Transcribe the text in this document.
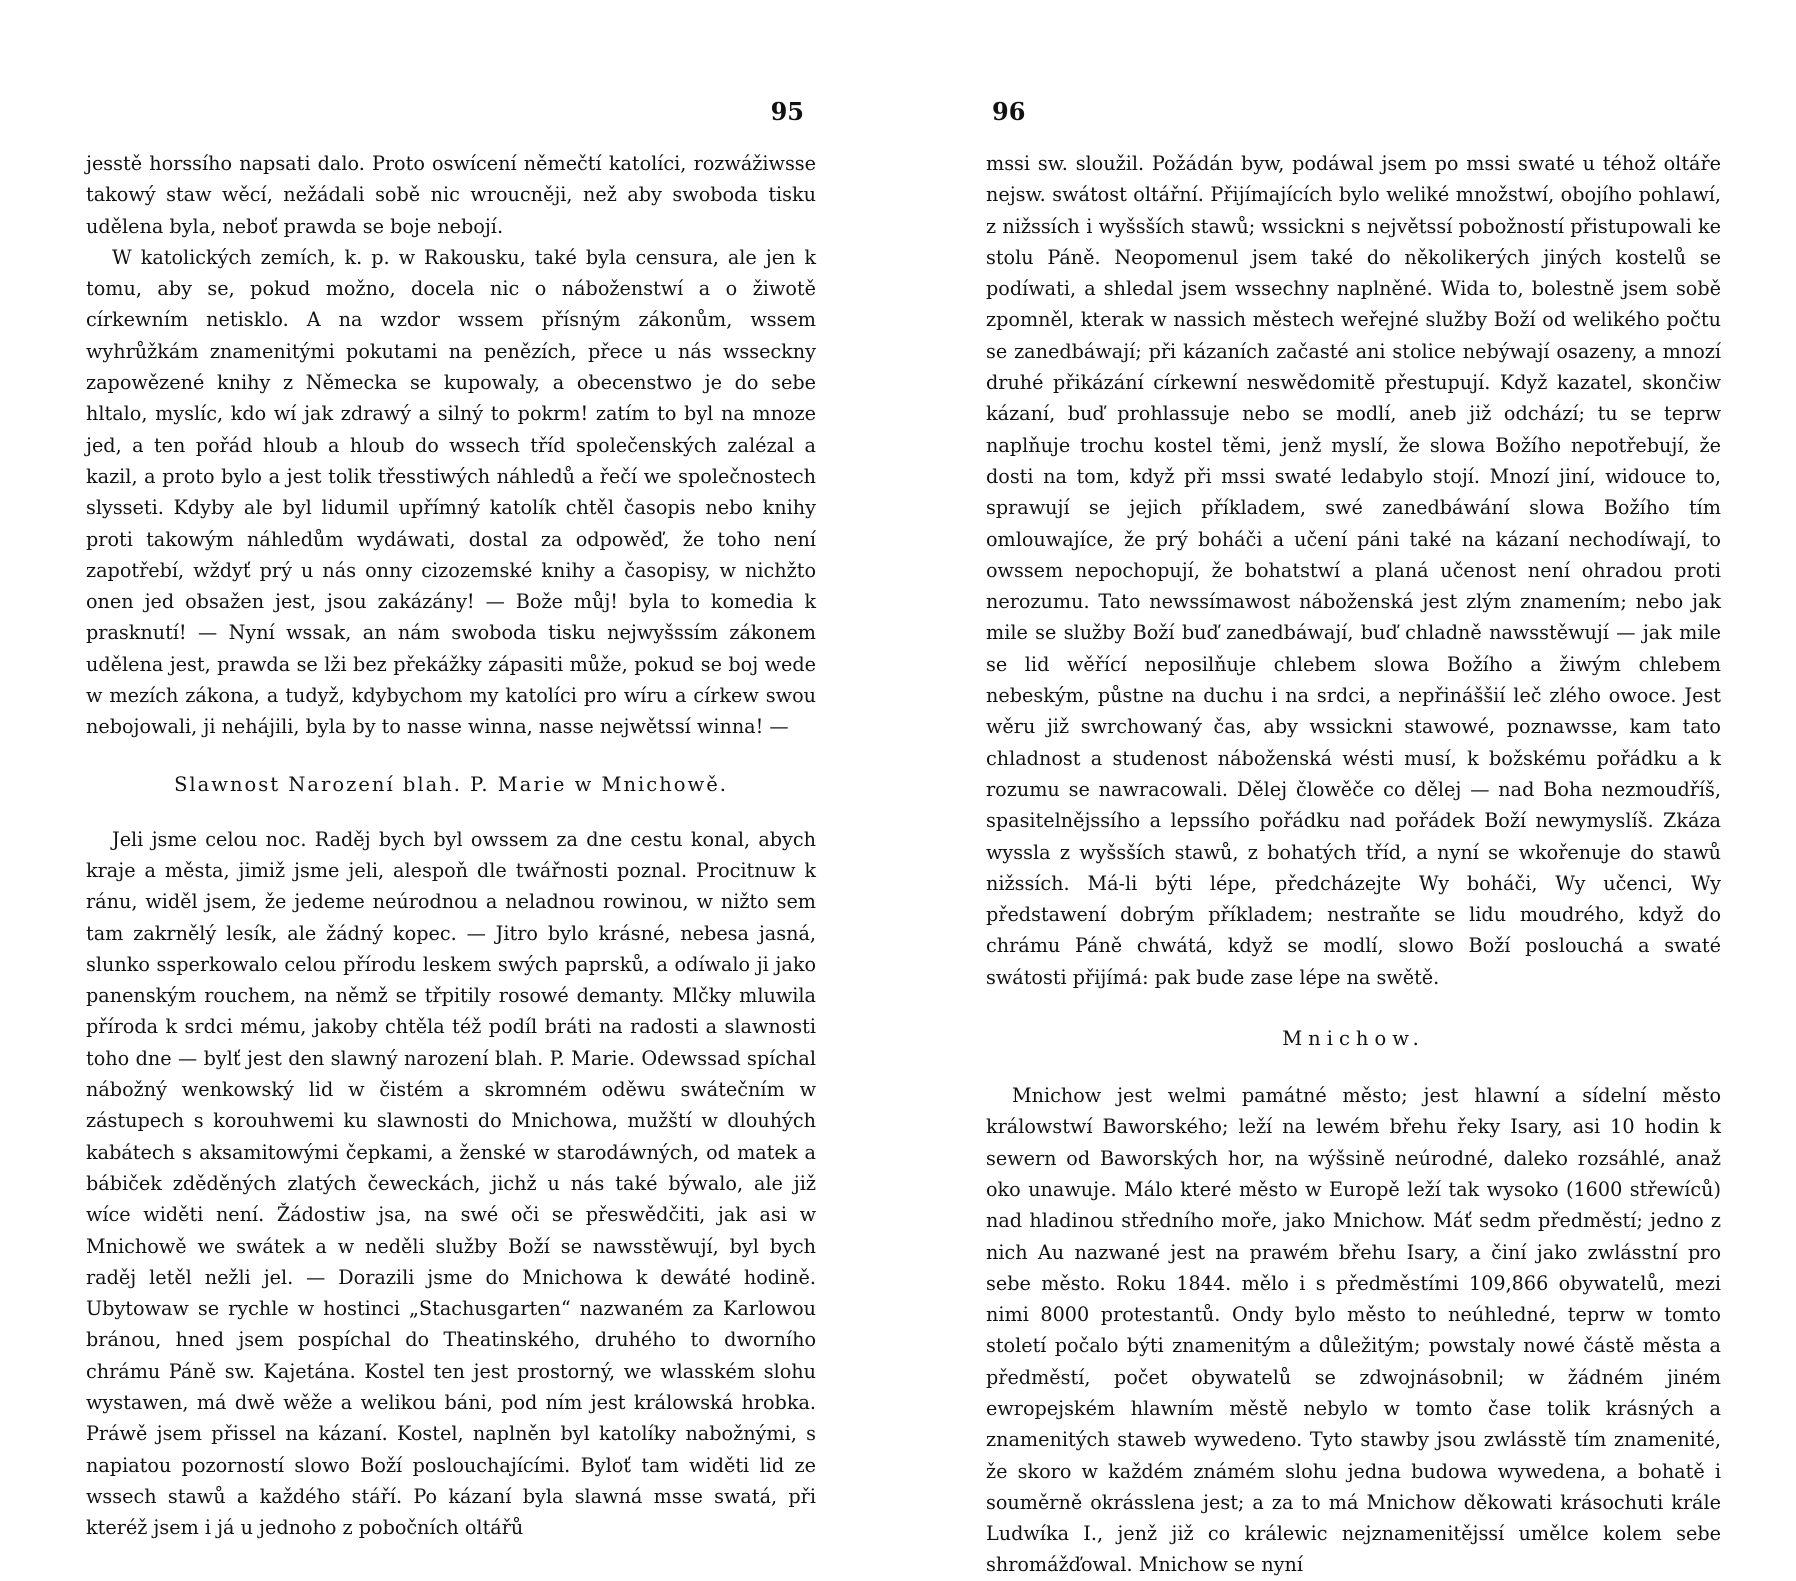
95

jesstě horssího napsati dalo. Proto oswícení němečtí katolíci, rozwážiwsse takowý staw wěcí, nežádali sobě nic wroucněji, než aby swoboda tisku udělena byla, neboť prawda se boje nebojí.

W katolických zemích, k. p. w Rakousku, také byla censura, ale jen k tomu, aby se, pokud možno, docela nic o náboženstwí a o žiwotě církewním netisklo. A na wzdor wssem přísným zákonům, wssem wyhrůžkám znamenitými pokutami na penězích, přece u nás wsseckny zapowězené knihy z Německa se kupowaly, a obecenstwo je do sebe hltalo, myslíc, kdo wí jak zdrawý a silný to pokrm! zatím to byl na mnoze jed, a ten pořád hloub a hloub do wssech tříd společenských zalézal a kazil, a proto bylo a jest tolik třesstiwých náhledů a řečí we společnostech slysseti. Kdyby ale byl lidumil upřímný katolík chtěl časopis nebo knihy proti takowým náhledům wydáwati, dostal za odpowěď, že toho není zapotřebí, wždyť prý u nás onny cizozemské knihy a časopisy, w nichžto onen jed obsažen jest, jsou zakázány! — Bože můj! byla to komedia k prasknutí! — Nyní wssak, an nám swoboda tisku nejwyšssím zákonem udělena jest, prawda se lži bez překážky zápasiti může, pokud se boj wede w mezích zákona, a tudyž, kdybychom my katolíci pro wíru a církew swou nebojowali, ji nehájili, byla by to nasse winna, nasse nejwětssí winna! —

Slawnost Narození blah. P. Marie w Mnichowě.

Jeli jsme celou noc. Raděj bych byl owssem za dne cestu konal, abych kraje a města, jimiž jsme jeli, alespoň dle twářnosti poznal. Procitnuw k ránu, widěl jsem, že jedeme neúrodnou a neladnou rowinou, w nižto sem tam zakrnělý lesík, ale žádný kopec. — Jitro bylo krásné, nebesa jasná, slunko ssperkowalo celou přírodu leskem swých paprsků, a odíwalo ji jako panenským rouchem, na němž se třpitily rosowé demanty. Mlčky mluwila příroda k srdci mému, jakoby chtěla též podíl bráti na radosti a slawnosti toho dne — bylť jest den slawný narození blah. P. Marie. Odewssad spíchal nábožný wenkowský lid w čistém a skromném oděwu swátečním w zástupech s korouhwemi ku slawnosti do Mnichowa, mužští w dlouhých kabátech s aksamitowými čepkami, a ženské w starodáwných, od matek a bábiček zděděných zlatých čeweckách, jichž u nás také býwalo, ale již wíce widěti není. Žádostiw jsa, na swé oči se přeswědčiti, jak asi w Mnichowě we swátek a w neděli služby Boží se nawsstěwují, byl bych raděj letěl nežli jel. — Dorazili jsme do Mnichowa k dewáté hodině. Ubytowaw se rychle w hostinci „Stachusgarten“ nazwaném za Karlowou bránou, hned jsem pospíchal do Theatinského, druhého to dworního chrámu Páně sw. Kajetána. Kostel ten jest prostorný, we wlasském slohu wystawen, má dwě wěže a welikou báni, pod ním jest králowská hrobka. Práwě jsem přissel na kázaní. Kostel, naplněn byl katolíky nabožnými, s napiatou pozorností slowo Boží poslouchajícími. Byloť tam widěti lid ze wssech stawů a každého stáří. Po kázaní byla slawná msse swatá, při kteréž jsem i já u jednoho z pobočních oltářů

96

mssi sw. sloužil. Požádán byw, podáwal jsem po mssi swaté u téhož oltáře nejsw. swátost oltářní. Přijímajících bylo weliké množstwí, obojího pohlawí, z nižssích i wyšsších stawů; wssickni s největssí pobožností přistupowali ke stolu Páně. Neopomenul jsem také do několikerých jiných kostelů se podíwati, a shledal jsem wssechny naplněné. Wida to, bolestně jsem sobě zpomněl, kterak w nassich městech weřejné služby Boží od welikého počtu se zanedbáwají; při kázaních začasté ani stolice nebýwají osazeny, a mnozí druhé přikázání církewní neswědomitě přestupují. Když kazatel, skončiw kázaní, buď prohlassuje nebo se modlí, aneb již odchází; tu se teprw naplňuje trochu kostel těmi, jenž myslí, že slowa Božího nepotřebují, že dosti na tom, když při mssi swaté ledabylo stojí. Mnozí jiní, widouce to, sprawují se jejich příkladem, swé zanedbáwání slowa Božího tím omlouwajíce, že prý boháči a učení páni také na kázaní nechodíwají, to owssem nepochopují, že bohatstwí a planá učenost není ohradou proti nerozumu. Tato newssímawost náboženská jest zlým znamením; nebo jak mile se služby Boží buď zanedbáwají, buď chladně nawsstěwují — jak mile se lid wěřící neposilňuje chlebem slowa Božího a žiwým chlebem nebeským, půstne na duchu i na srdci, a nepřináššií leč zlého owoce. Jest wěru již swrchowaný čas, aby wssickni stawowé, poznawsse, kam tato chladnost a studenost náboženská wésti musí, k božskému pořádku a k rozumu se nawracowali. Dělej člowěče co dělej — nad Boha nezmoudříš, spasitelnějssího a lepssího pořádku nad pořádek Boží newymyslíš. Zkáza wyssla z wyšsších stawů, z bohatých tříd, a nyní se wkořenuje do stawů nižssích. Má-li býti lépe, předcházejte Wy boháči, Wy učenci, Wy předstawení dobrým příkladem; nestraňte se lidu moudrého, když do chrámu Páně chwátá, když se modlí, slowo Boží poslouchá a swaté swátosti přijímá: pak bude zase lépe na swětě.

Mnichow.

Mnichow jest welmi památné město; jest hlawní a sídelní město králowstwí Baworského; leží na lewém břehu řeky Isary, asi 10 hodin k sewern od Baworských hor, na wýšsině neúrodné, daleko rozsáhlé, anaž oko unawuje. Málo které město w Europě leží tak wysoko (1600 střewíců) nad hladinou středního moře, jako Mnichow. Máť sedm předměstí; jedno z nich Au nazwané jest na prawém břehu Isary, a činí jako zwlásstní pro sebe město. Roku 1844. mělo i s předměstími 109,866 obywatelů, mezi nimi 8000 protestantů. Ondy bylo město to neúhledné, teprw w tomto století počalo býti znamenitým a důležitým; powstaly nowé částě města a předměstí, počet obywatelů se zdwojnásobnil; w žádném jiném ewropejském hlawním městě nebylo w tomto čase tolik krásných a znamenitých staweb wywedeno. Tyto stawby jsou zwlásstě tím znamenité, že skoro w každém známém slohu jedna budowa wywedena, a bohatě i souměrně okrásslena jest; a za to má Mnichow děkowati krásochuti krále Ludwíka I., jenž již co králewic nejznamenitějssí umělce kolem sebe shromážďowal. Mnichow se nyní
